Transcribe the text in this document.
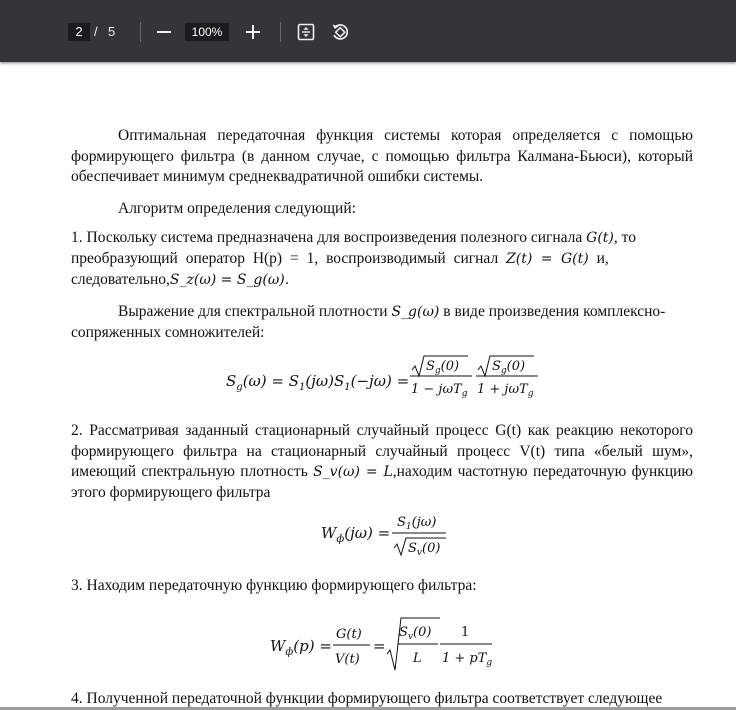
2 / 5	100%
Оптимальная передаточная функция системы которая определяется с помощью формирующего фильтра (в данном случае, с помощью фильтра Калмана-Бьюси), который обеспечивает минимум среднеквадратичной ошибки системы.
Алгоритм определения следующий:
1. Поскольку система предназначена для воспроизведения полезного сигнала G(t), то
преобразующий оператор H(p) = 1, воспроизводимый сигнал Z(t) = G(t) и,
следовательно,S_z(ω) = S_g(ω).
Выражение для спектральной плотности S_g(ω) в виде произведения комплексно-
сопряженных сомножителей:
$S_g(\omega) = S_1(j\omega)S_1(-j\omega)$ =
$S_g(0)$
1 − jωT$_g$
$S_g(0)$
1 + jωT$_g$
2. Рассматривая заданный стационарный случайный процесс G(t) как реакцию некоторого формирующего фильтра на стационарный случайный процесс V(t) типа «белый шум», имеющий спектральную плотность S_v(ω) = L,находим частотную передаточную функцию этого формирующего фильтра
$W_ф(j\omega)$ =
$S_1(j\omega)$
$S_v(0)$
3. Находим передаточную функцию формирующего фильтра:
$W_ф(p)$ =
G(t)
V(t)
=
$S_v(0)$
L
1
$1 + pT_g$
4. Полученной передаточной функции формирующего фильтра соответствует следующее
